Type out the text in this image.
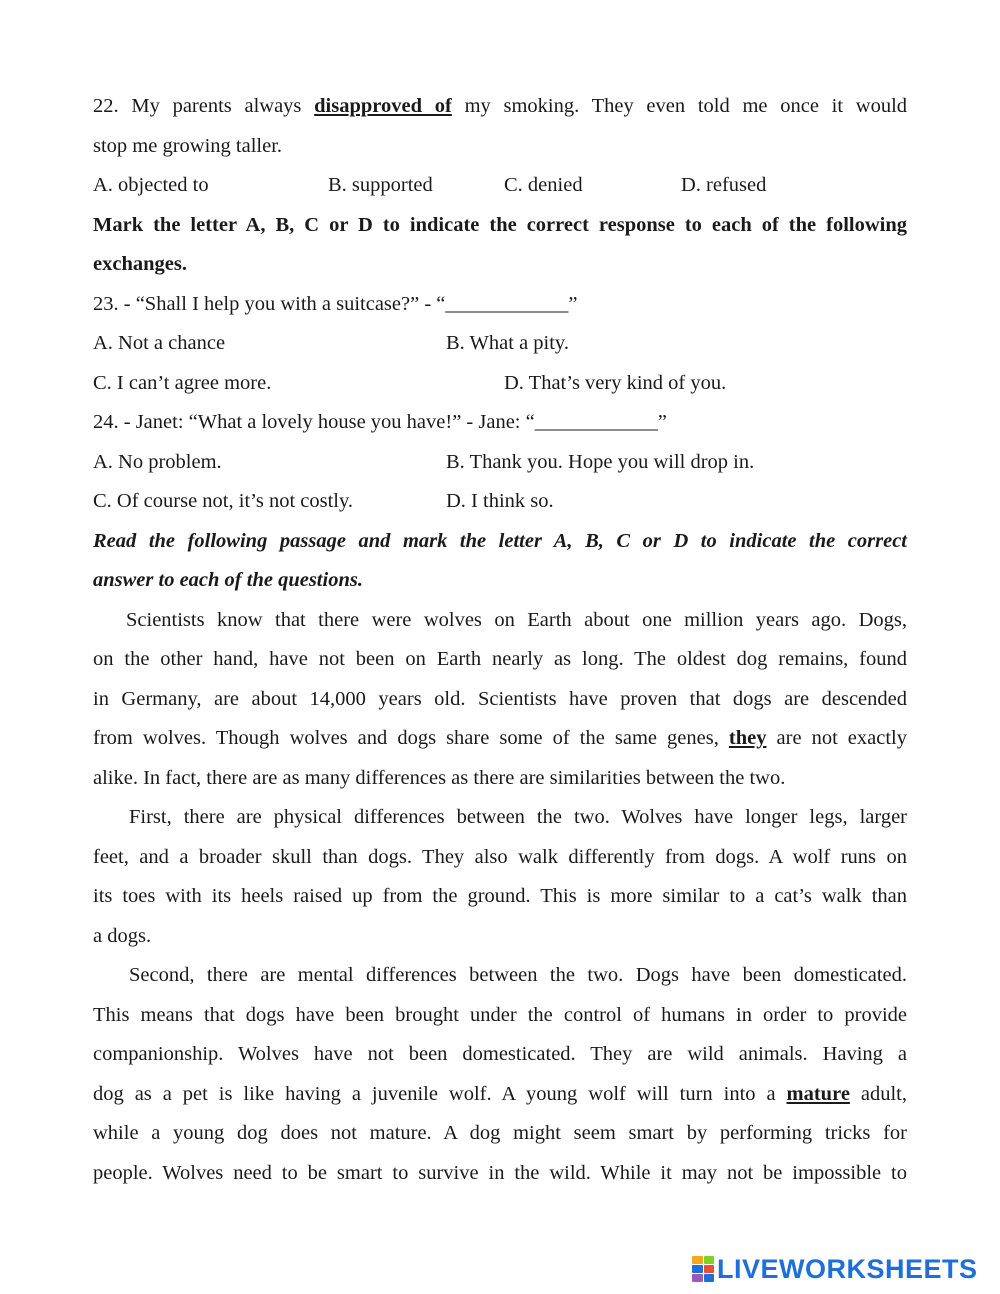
22. My parents always disapproved of my smoking. They even told me once it would
stop me growing taller.
A. objected to	B. supported	C. denied	D. refused
Mark the letter A, B, C or D to indicate the correct response to each of the following
exchanges.
23. - “Shall I help you with a suitcase?” - “____________”
A. Not a chance	B. What a pity.
C. I can’t agree more.	D. That’s very kind of you.
24. - Janet: “What a lovely house you have!” - Jane: “____________”
A. No problem.	B. Thank you. Hope you will drop in.
C. Of course not, it’s not costly.	D. I think so.
Read the following passage and mark the letter A, B, C or D to indicate the correct
answer to each of the questions.
Scientists know that there were wolves on Earth about one million years ago. Dogs,
on the other hand, have not been on Earth nearly as long. The oldest dog remains, found
in Germany, are about 14,000 years old. Scientists have proven that dogs are descended
from wolves. Though wolves and dogs share some of the same genes, they are not exactly
alike. In fact, there are as many differences as there are similarities between the two.
First, there are physical differences between the two. Wolves have longer legs, larger
feet, and a broader skull than dogs. They also walk differently from dogs. A wolf runs on
its toes with its heels raised up from the ground. This is more similar to a cat’s walk than
a dogs.
Second, there are mental differences between the two. Dogs have been domesticated.
This means that dogs have been brought under the control of humans in order to provide
companionship. Wolves have not been domesticated. They are wild animals. Having a
dog as a pet is like having a juvenile wolf. A young wolf will turn into a mature adult,
while a young dog does not mature. A dog might seem smart by performing tricks for
people. Wolves need to be smart to survive in the wild. While it may not be impossible to
LIVEWORKSHEETS
